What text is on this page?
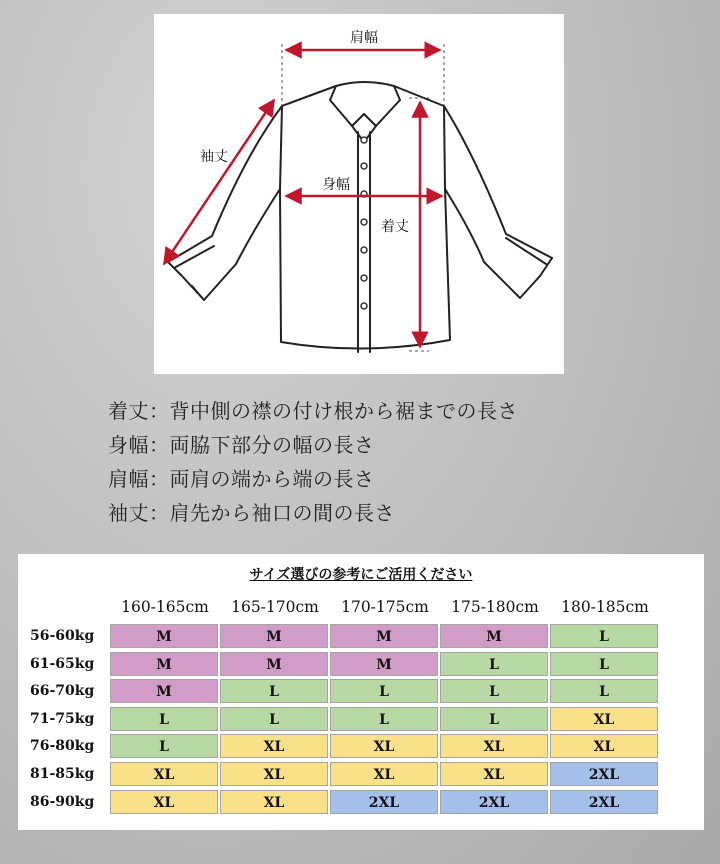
肩幅
袖丈
身幅
着丈
着丈：背中側の襟の付け根から裾までの長さ
身幅：両脇下部分の幅の長さ
肩幅：両肩の端から端の長さ
袖丈：肩先から袖口の間の長さ
サイズ選びの参考にご活用ください
160-165cm	165-170cm	170-175cm	175-180cm	180-185cm
56-60kg	M	M	M	M	L
61-65kg	M	M	M	L	L
66-70kg	M	L	L	L	L
71-75kg	L	L	L	L	XL
76-80kg	L	XL	XL	XL	XL
81-85kg	XL	XL	XL	XL	2XL
86-90kg	XL	XL	2XL	2XL	2XL
